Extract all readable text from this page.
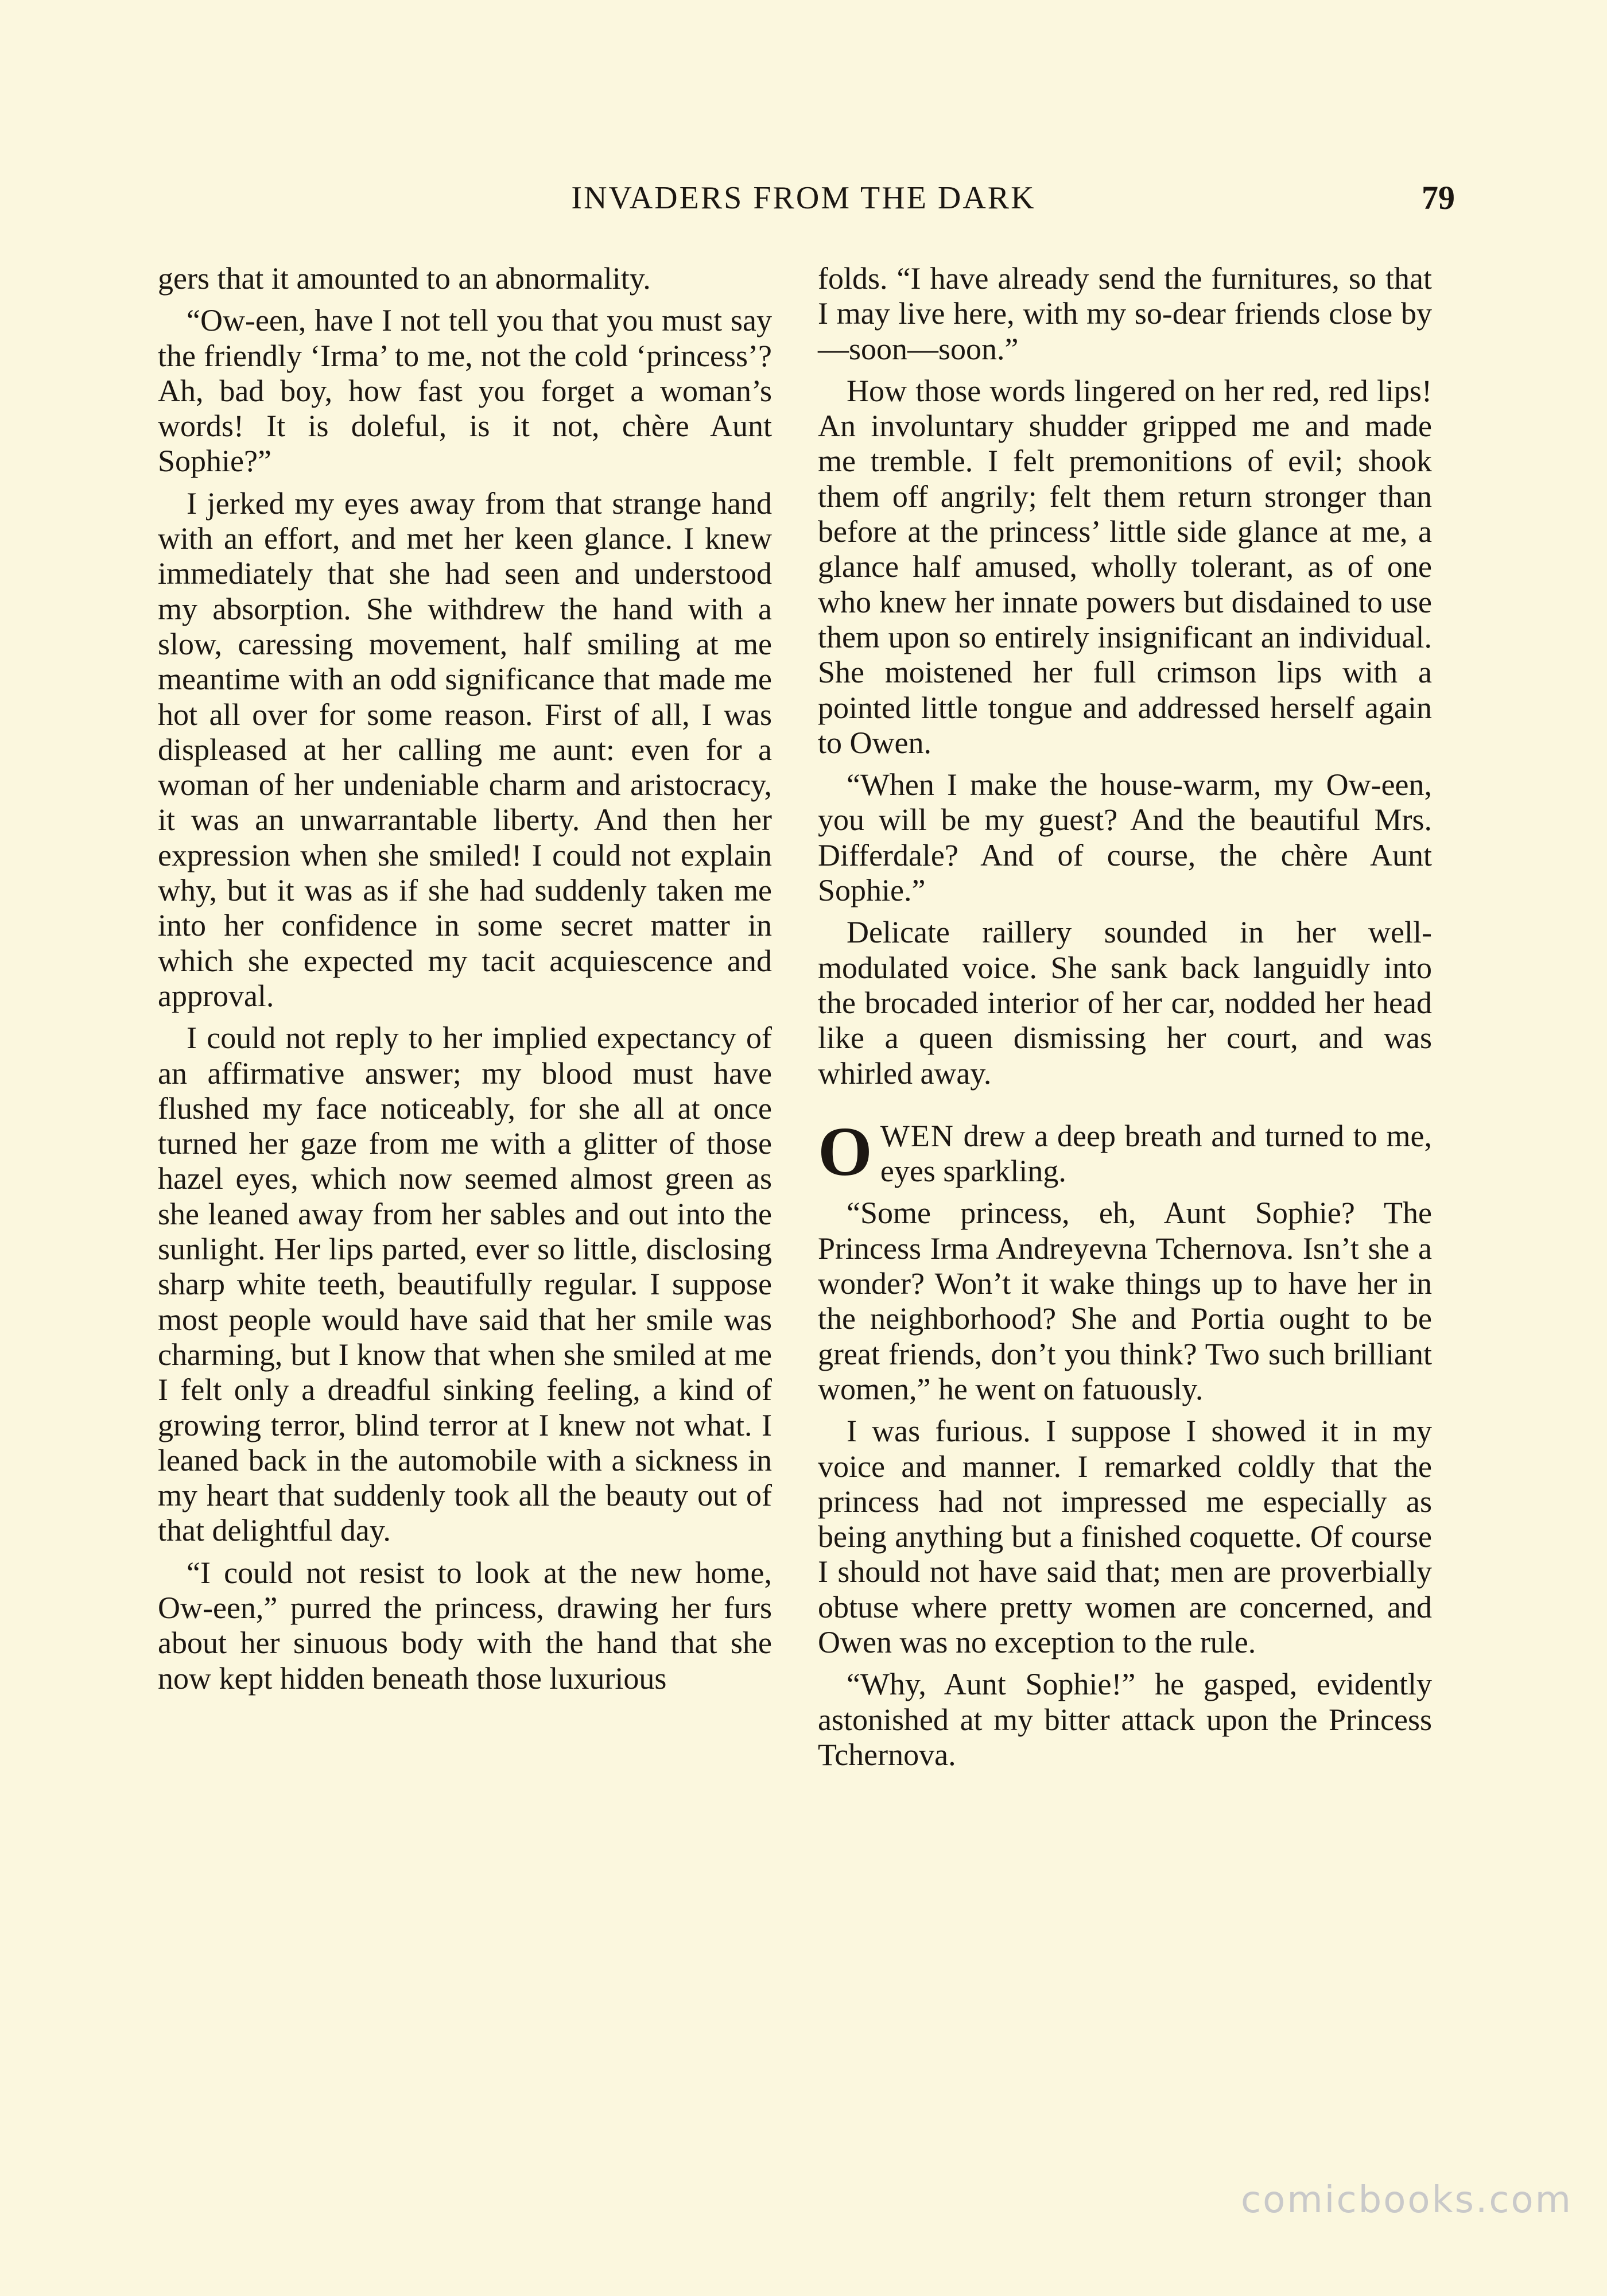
INVADERS FROM THE DARK	79

gers that it amounted to an abnormality.

“Ow-een, have I not tell you that you must say the friendly ‘Irma’ to me, not the cold ‘princess’? Ah, bad boy, how fast you forget a woman’s words! It is doleful, is it not, chère Aunt Sophie?”

I jerked my eyes away from that strange hand with an effort, and met her keen glance. I knew immediately that she had seen and understood my absorption. She withdrew the hand with a slow, caressing movement, half smiling at me meantime with an odd significance that made me hot all over for some reason. First of all, I was displeased at her calling me aunt: even for a woman of her undeniable charm and aristocracy, it was an unwarrantable liberty. And then her expression when she smiled! I could not explain why, but it was as if she had suddenly taken me into her confidence in some secret matter in which she expected my tacit acquiescence and approval.

I could not reply to her implied expectancy of an affirmative answer; my blood must have flushed my face noticeably, for she all at once turned her gaze from me with a glitter of those hazel eyes, which now seemed almost green as she leaned away from her sables and out into the sunlight. Her lips parted, ever so little, disclosing sharp white teeth, beautifully regular. I suppose most people would have said that her smile was charming, but I know that when she smiled at me I felt only a dreadful sinking feeling, a kind of growing terror, blind terror at I knew not what. I leaned back in the automobile with a sickness in my heart that suddenly took all the beauty out of that delightful day.

“I could not resist to look at the new home, Ow-een,” purred the princess, drawing her furs about her sinuous body with the hand that she now kept hidden beneath those luxurious

folds. “I have already send the furnitures, so that I may live here, with my so-dear friends close by—soon—soon.”

How those words lingered on her red, red lips! An involuntary shudder gripped me and made me tremble. I felt premonitions of evil; shook them off angrily; felt them return stronger than before at the princess’ little side glance at me, a glance half amused, wholly tolerant, as of one who knew her innate powers but disdained to use them upon so entirely insignificant an individual. She moistened her full crimson lips with a pointed little tongue and addressed herself again to Owen.

“When I make the house-warm, my Ow-een, you will be my guest? And the beautiful Mrs. Differdale? And of course, the chère Aunt Sophie.”

Delicate raillery sounded in her well-modulated voice. She sank back languidly into the brocaded interior of her car, nodded her head like a queen dismissing her court, and was whirled away.

OWEN drew a deep breath and turned to me, eyes sparkling.

“Some princess, eh, Aunt Sophie? The Princess Irma Andreyevna Tchernova. Isn’t she a wonder? Won’t it wake things up to have her in the neighborhood? She and Portia ought to be great friends, don’t you think? Two such brilliant women,” he went on fatuously.

I was furious. I suppose I showed it in my voice and manner. I remarked coldly that the princess had not impressed me especially as being anything but a finished coquette. Of course I should not have said that; men are proverbially obtuse where pretty women are concerned, and Owen was no exception to the rule.

“Why, Aunt Sophie!” he gasped, evidently astonished at my bitter attack upon the Princess Tchernova.

comicbooks.com
